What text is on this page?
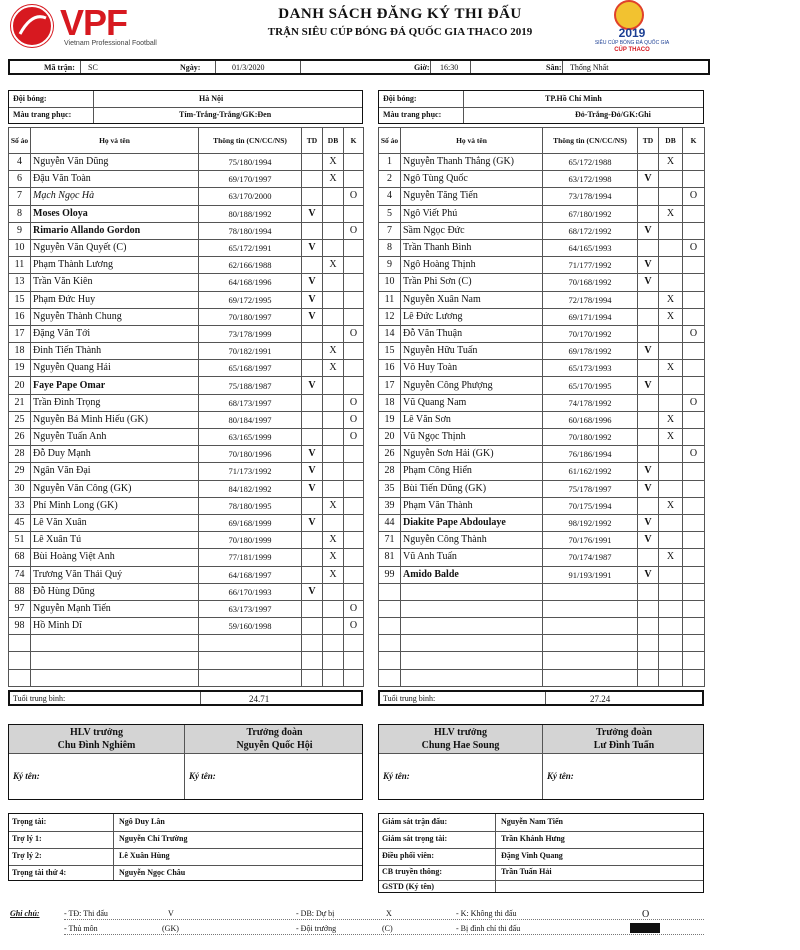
VPF
Vietnam Professional Football
DANH SÁCH ĐĂNG KÝ THI ĐẤU
TRẬN SIÊU CÚP BÓNG ĐÁ QUỐC GIA THACO 2019	2019
SIÊU CÚP BÓNG ĐÁ QUỐC GIA
CÚP THACO
Mã trận: SC	Ngày:	01/3/2020	Giờ: 16:30	Sân: Thống Nhất
Đội bóng:	Hà Nội
Màu trang phục:	Tím-Trắng-Trắng/GK:Đen
Đội bóng:	TP.Hồ Chí Minh
Màu trang phục:	Đỏ-Trắng-Đỏ/GK:Ghi
Số áo	Họ và tên	Thông tin (CN/CC/NS)	TD	DB	K
4	Nguyễn Văn Dũng	75/180/1994		X	
6	Đậu Văn Toàn	69/170/1997		X	
7	Mạch Ngọc Hà	63/170/2000			O
8	Moses Oloya	80/188/1992	V		
9	Rimario Allando Gordon	78/180/1994			O
10	Nguyễn Văn Quyết (C)	65/172/1991	V		
11	Phạm Thành Lương	62/166/1988		X	
13	Trần Văn Kiên	64/168/1996	V		
15	Phạm Đức Huy	69/172/1995	V		
16	Nguyễn Thành Chung	70/180/1997	V		
17	Đặng Văn Tới	73/178/1999			O
18	Đinh Tiến Thành	70/182/1991		X	
19	Nguyễn Quang Hải	65/168/1997		X	
20	Faye Pape Omar	75/188/1987	V		
21	Trần Đình Trọng	68/173/1997			O
25	Nguyễn Bá Minh Hiếu (GK)	80/184/1997			O
26	Nguyễn Tuấn Anh	63/165/1999			O
28	Đỗ Duy Mạnh	70/180/1996	V		
29	Ngân Văn Đại	71/173/1992	V		
30	Nguyễn Văn Công (GK)	84/182/1992	V		
33	Phí Minh Long (GK)	78/180/1995		X	
45	Lê Văn Xuân	69/168/1999	V		
51	Lê Xuân Tú	70/180/1999		X	
68	Bùi Hoàng Việt Anh	77/181/1999		X	
74	Trương Văn Thái Quý	64/168/1997		X	
88	Đỗ Hùng Dũng	66/170/1993	V		
97	Nguyễn Mạnh Tiến	63/173/1997			O
98	Hồ Minh Dĩ	59/160/1998			O

Số áo	Họ và tên	Thông tin (CN/CC/NS)	TD	DB	K
1	Nguyễn Thanh Thắng (GK)	65/172/1988		X	
2	Ngô Tùng Quốc	63/172/1998	V		
4	Nguyễn Tăng Tiến	73/178/1994			O
5	Ngô Viết Phú	67/180/1992		X	
7	Sầm Ngọc Đức	68/172/1992	V		
8	Trần Thanh Bình	64/165/1993			O
9	Ngô Hoàng Thịnh	71/177/1992	V		
10	Trần Phi Sơn (C)	70/168/1992	V		
11	Nguyễn Xuân Nam	72/178/1994		X	
12	Lê Đức Lương	69/171/1994		X	
14	Đỗ Văn Thuận	70/170/1992			O
15	Nguyễn Hữu Tuấn	69/178/1992	V		
16	Võ Huy Toàn	65/173/1993		X	
17	Nguyễn Công Phượng	65/170/1995	V		
18	Vũ Quang Nam	74/178/1992			O
19	Lê Văn Sơn	60/168/1996		X	
20	Vũ Ngọc Thịnh	70/180/1992		X	
26	Nguyễn Sơn Hải (GK)	76/186/1994			O
28	Phạm Công Hiển	61/162/1992	V		
35	Bùi Tiến Dũng (GK)	75/178/1997	V		
39	Phạm Văn Thành	70/175/1994		X	
44	Diakite Pape Abdoulaye	98/192/1992	V		
71	Nguyễn Công Thành	70/176/1991	V		
81	Vũ Anh Tuấn	70/174/1987		X	
99	Amido Balde	91/193/1991	V		

Tuổi trung bình:	24.71	Tuổi trung bình:	27.24
HLV trưởng	Trưởng đoàn
Chu Đình Nghiêm	Nguyễn Quốc Hội
Ký tên:	Ký tên:
HLV trưởng	Trưởng đoàn
Chung Hae Soung	Lư Đình Tuấn
Ký tên:	Ký tên:
Trọng tài:	Ngô Duy Lân
Trợ lý 1:	Nguyễn Chí Trường
Trợ lý 2:	Lê Xuân Hùng
Trọng tài thứ 4:	Nguyễn Ngọc Châu
Giám sát trận đấu:	Nguyễn Nam Tiến
Giám sát trọng tài:	Trần Khánh Hưng
Điều phối viên:	Đặng Vinh Quang
CB truyền thông:	Trần Tuấn Hải
GSTD (Ký tên)
Ghi chú:	- TĐ: Thi đấu	V	- DB: Dự bị	X	- K: Không thi đấu	O
- Thủ môn	(GK)	- Đội trưởng	(C)	- Bị đình chỉ thi đấu
